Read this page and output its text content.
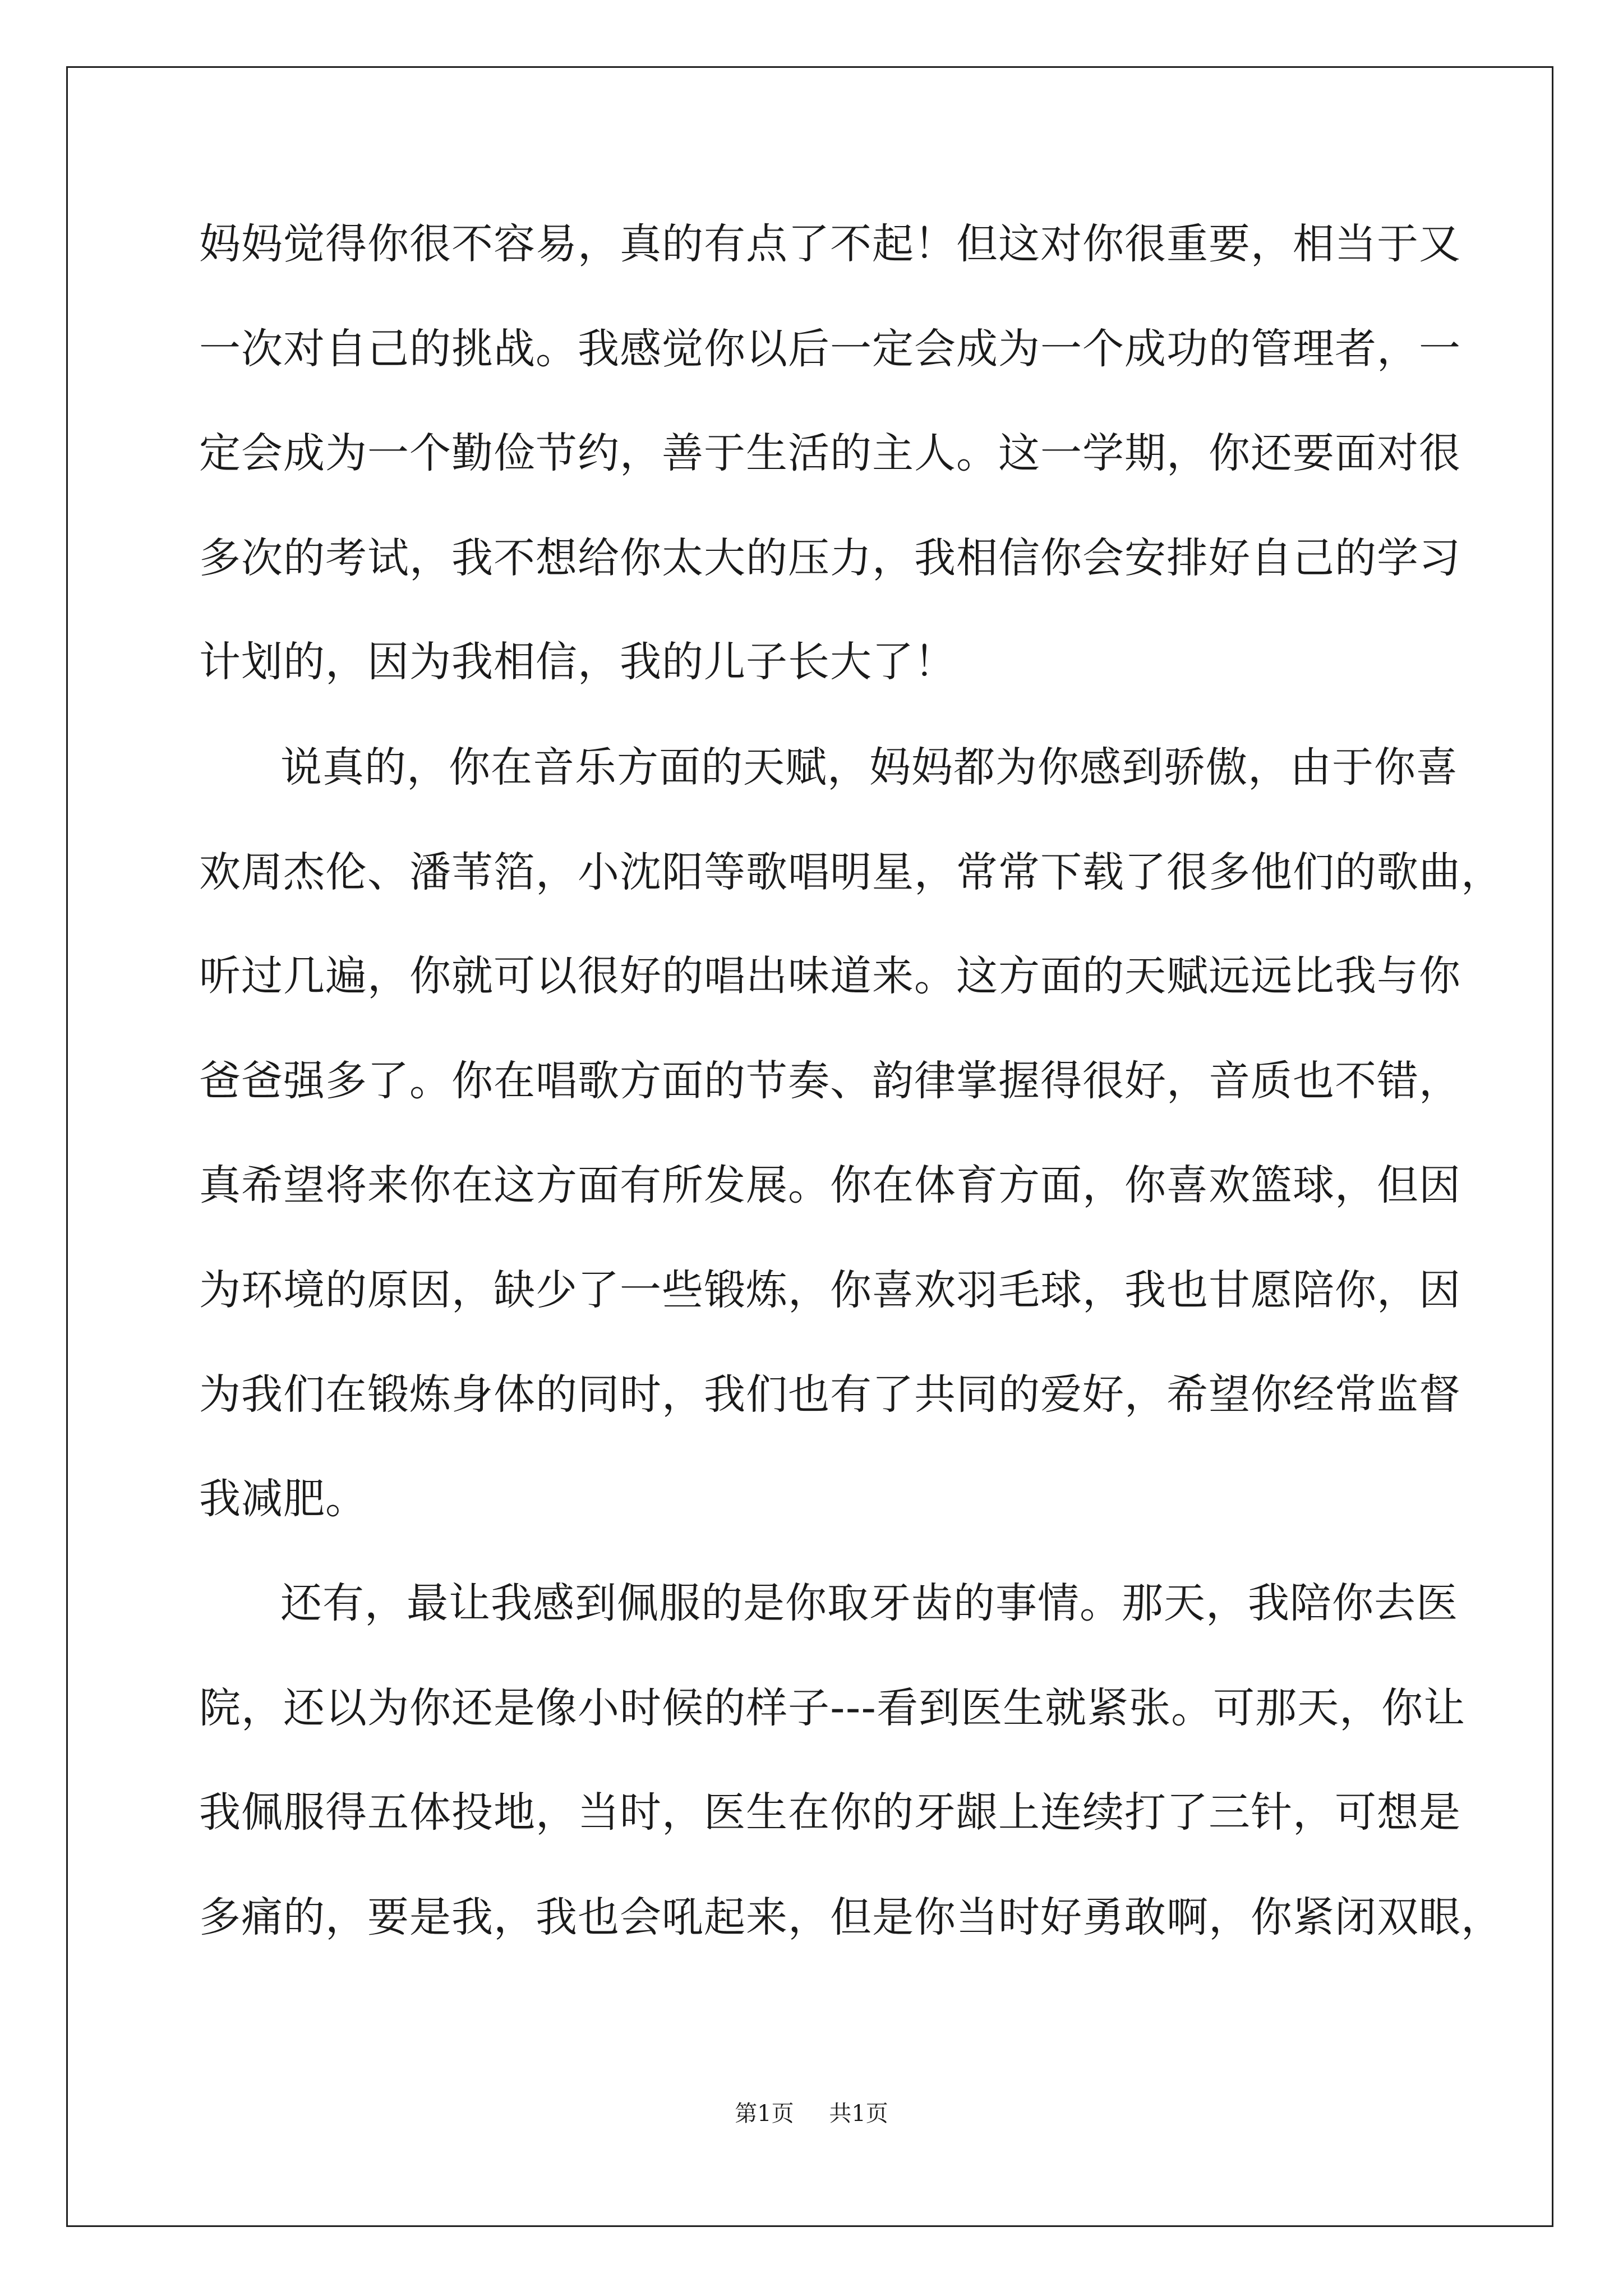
妈妈觉得你很不容易，真的有点了不起！但这对你很重要，相当于又
一次对自己的挑战。我感觉你以后一定会成为一个成功的管理者，一
定会成为一个勤俭节约，善于生活的主人。这一学期，你还要面对很
多次的考试，我不想给你太大的压力，我相信你会安排好自己的学习
计划的，因为我相信，我的儿子长大了！
说真的，你在音乐方面的天赋，妈妈都为你感到骄傲，由于你喜
欢周杰伦、潘苇箔，小沈阳等歌唱明星，常常下载了很多他们的歌曲，
听过几遍，你就可以很好的唱出味道来。这方面的天赋远远比我与你
爸爸强多了。你在唱歌方面的节奏、韵律掌握得很好，音质也不错，
真希望将来你在这方面有所发展。你在体育方面，你喜欢篮球，但因
为环境的原因，缺少了一些锻炼，你喜欢羽毛球，我也甘愿陪你，因
为我们在锻炼身体的同时，我们也有了共同的爱好，希望你经常监督
我减肥。
还有，最让我感到佩服的是你取牙齿的事情。那天，我陪你去医
院，还以为你还是像小时候的样子---看到医生就紧张。可那天，你让
我佩服得五体投地，当时，医生在你的牙龈上连续打了三针，可想是
多痛的，要是我，我也会吼起来，但是你当时好勇敢啊，你紧闭双眼，
第1页 共1页
